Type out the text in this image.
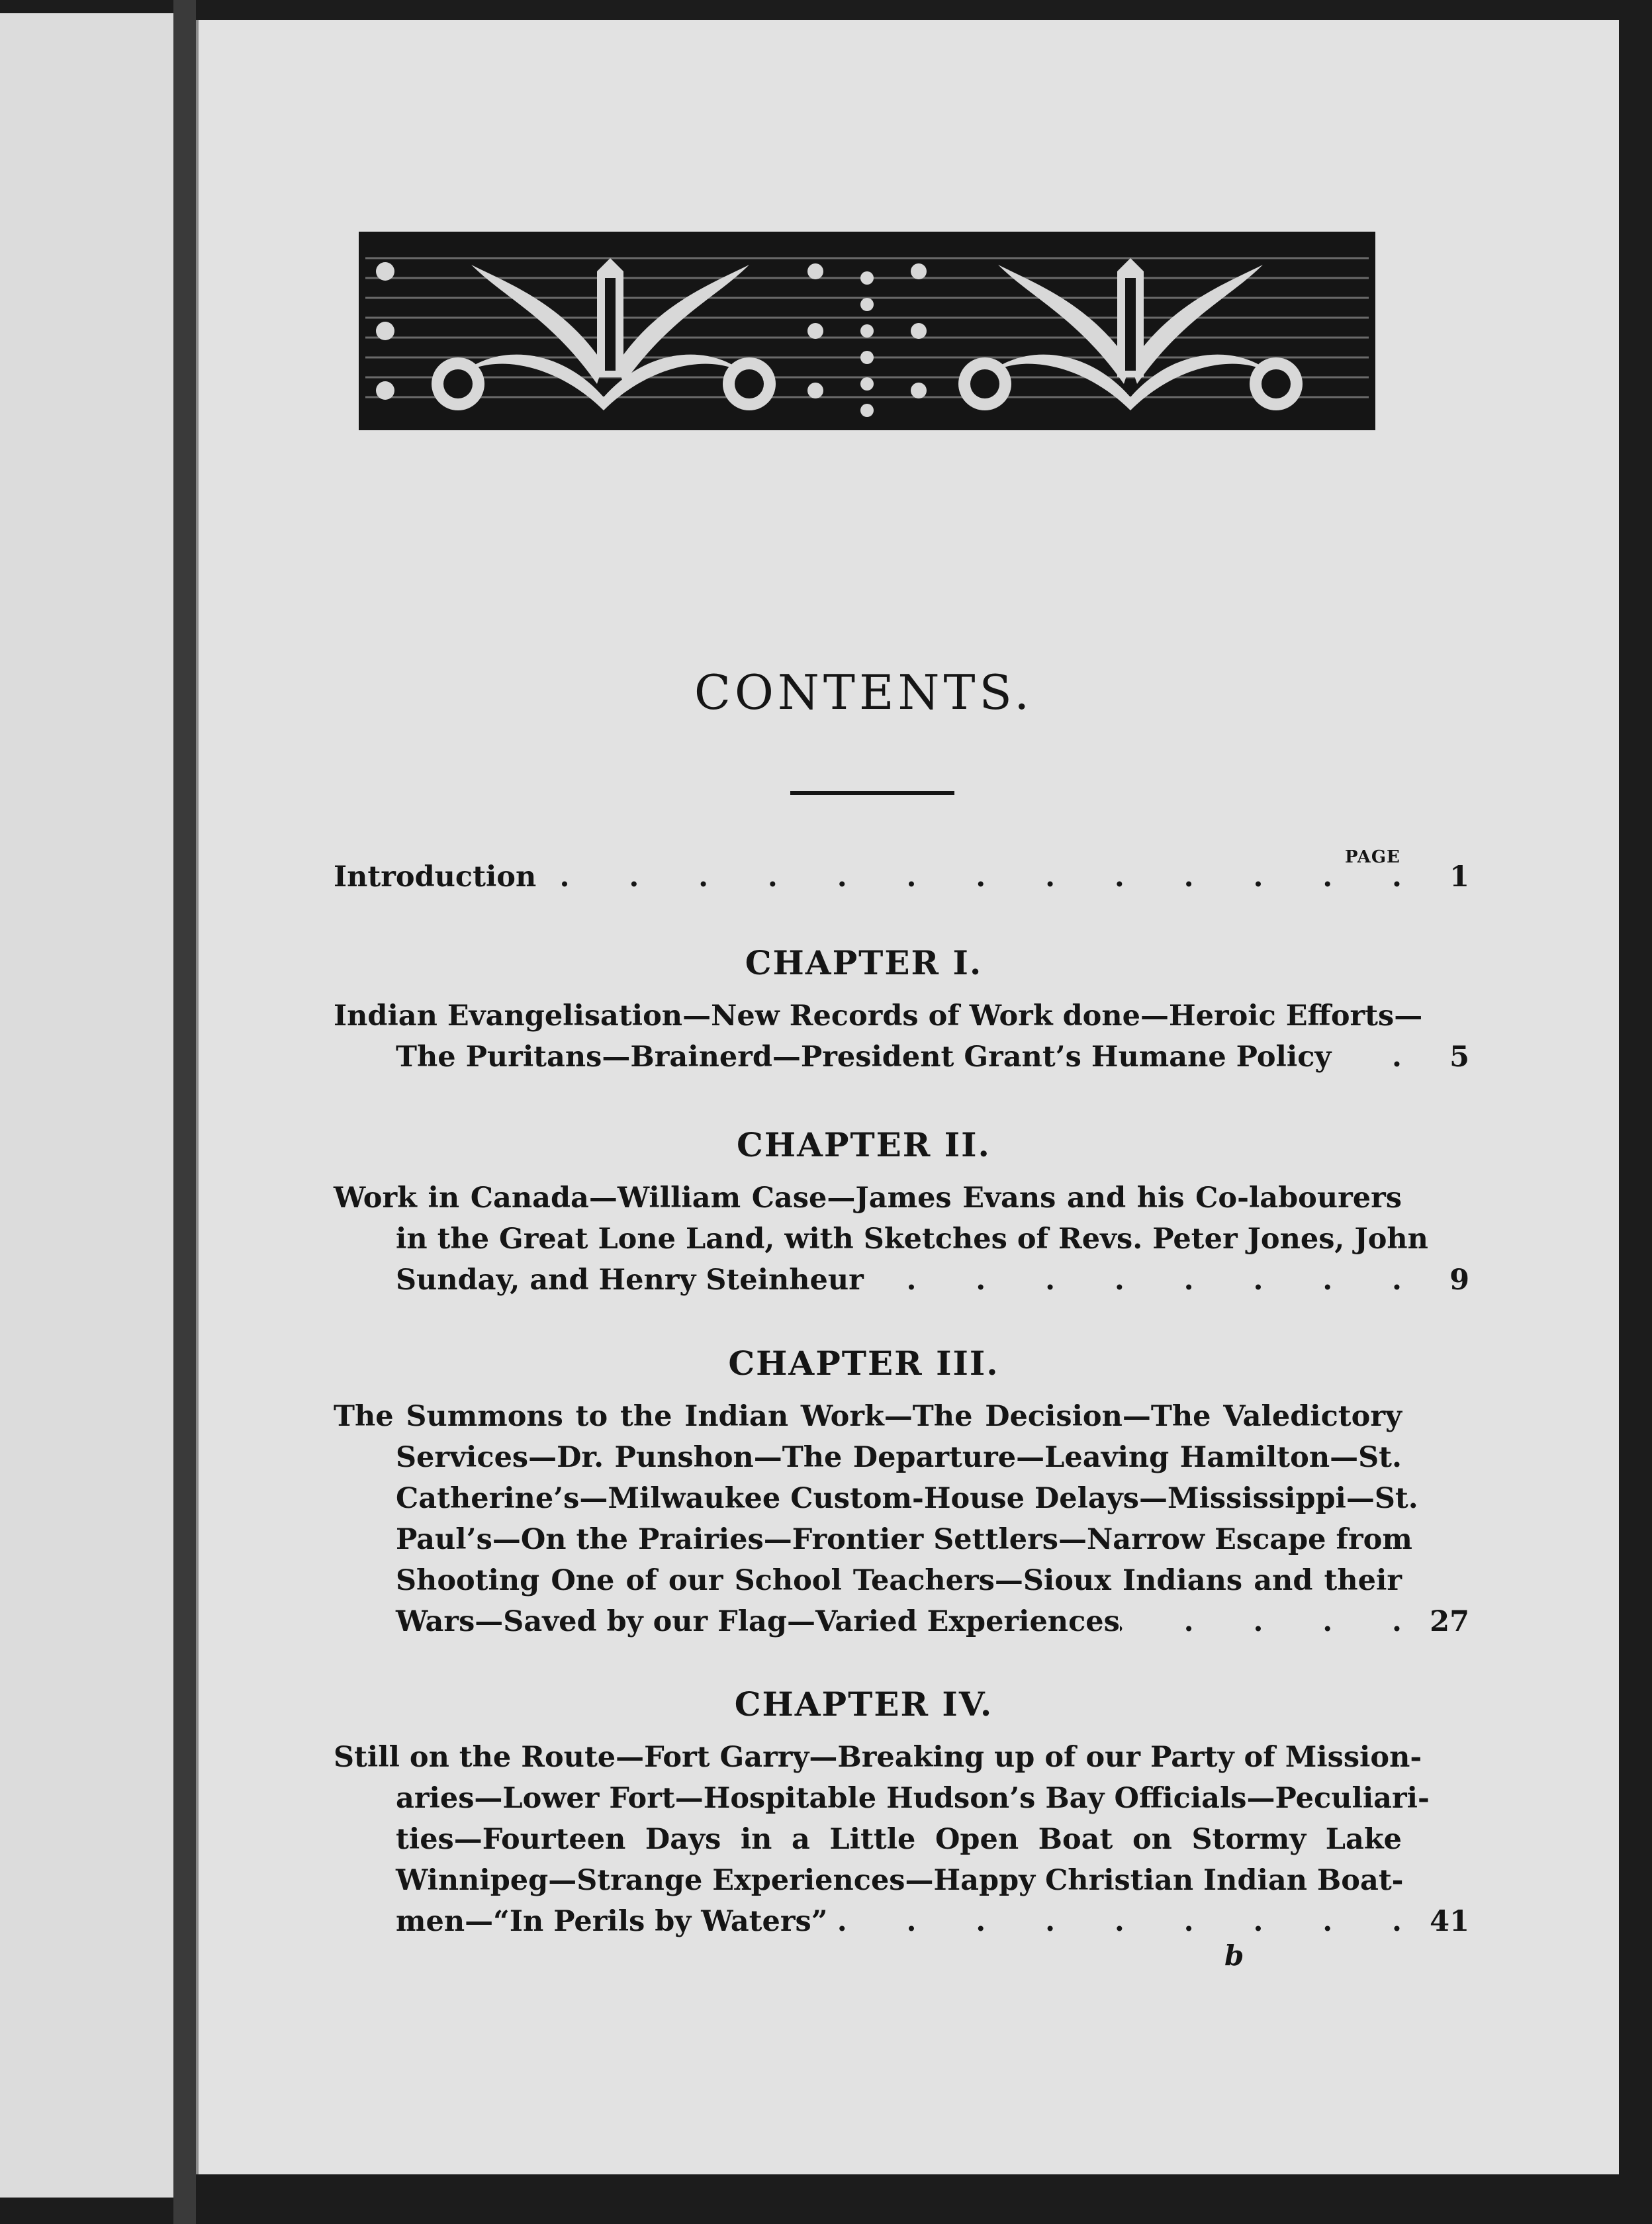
CONTENTS.
PAGE
Introduction .	1
CHAPTER I.
Indian Evangelisation—New Records of Work done—Heroic Efforts—
The Puritans—Brainerd—President Grant’s Humane Policy .	5
CHAPTER II.
Work in Canada—William Case—James Evans and his Co-labourers
in the Great Lone Land, with Sketches of Revs. Peter Jones, John
Sunday, and Henry Steinheur .	9
CHAPTER III.
The Summons to the Indian Work—The Decision—The Valedictory
Services—Dr. Punshon—The Departure—Leaving Hamilton—St.
Catherine’s—Milwaukee Custom-House Delays—Mississippi—St.
Paul’s—On the Prairies—Frontier Settlers—Narrow Escape from
Shooting One of our School Teachers—Sioux Indians and their
Wars—Saved by our Flag—Varied Experiences .	27
CHAPTER IV.
Still on the Route—Fort Garry—Breaking up of our Party of Mission-
aries—Lower Fort—Hospitable Hudson’s Bay Officials—Peculiari-
ties—Fourteen Days in a Little Open Boat on Stormy Lake
Winnipeg—Strange Experiences—Happy Christian Indian Boat-
men—“In Perils by Waters” .	41
b
